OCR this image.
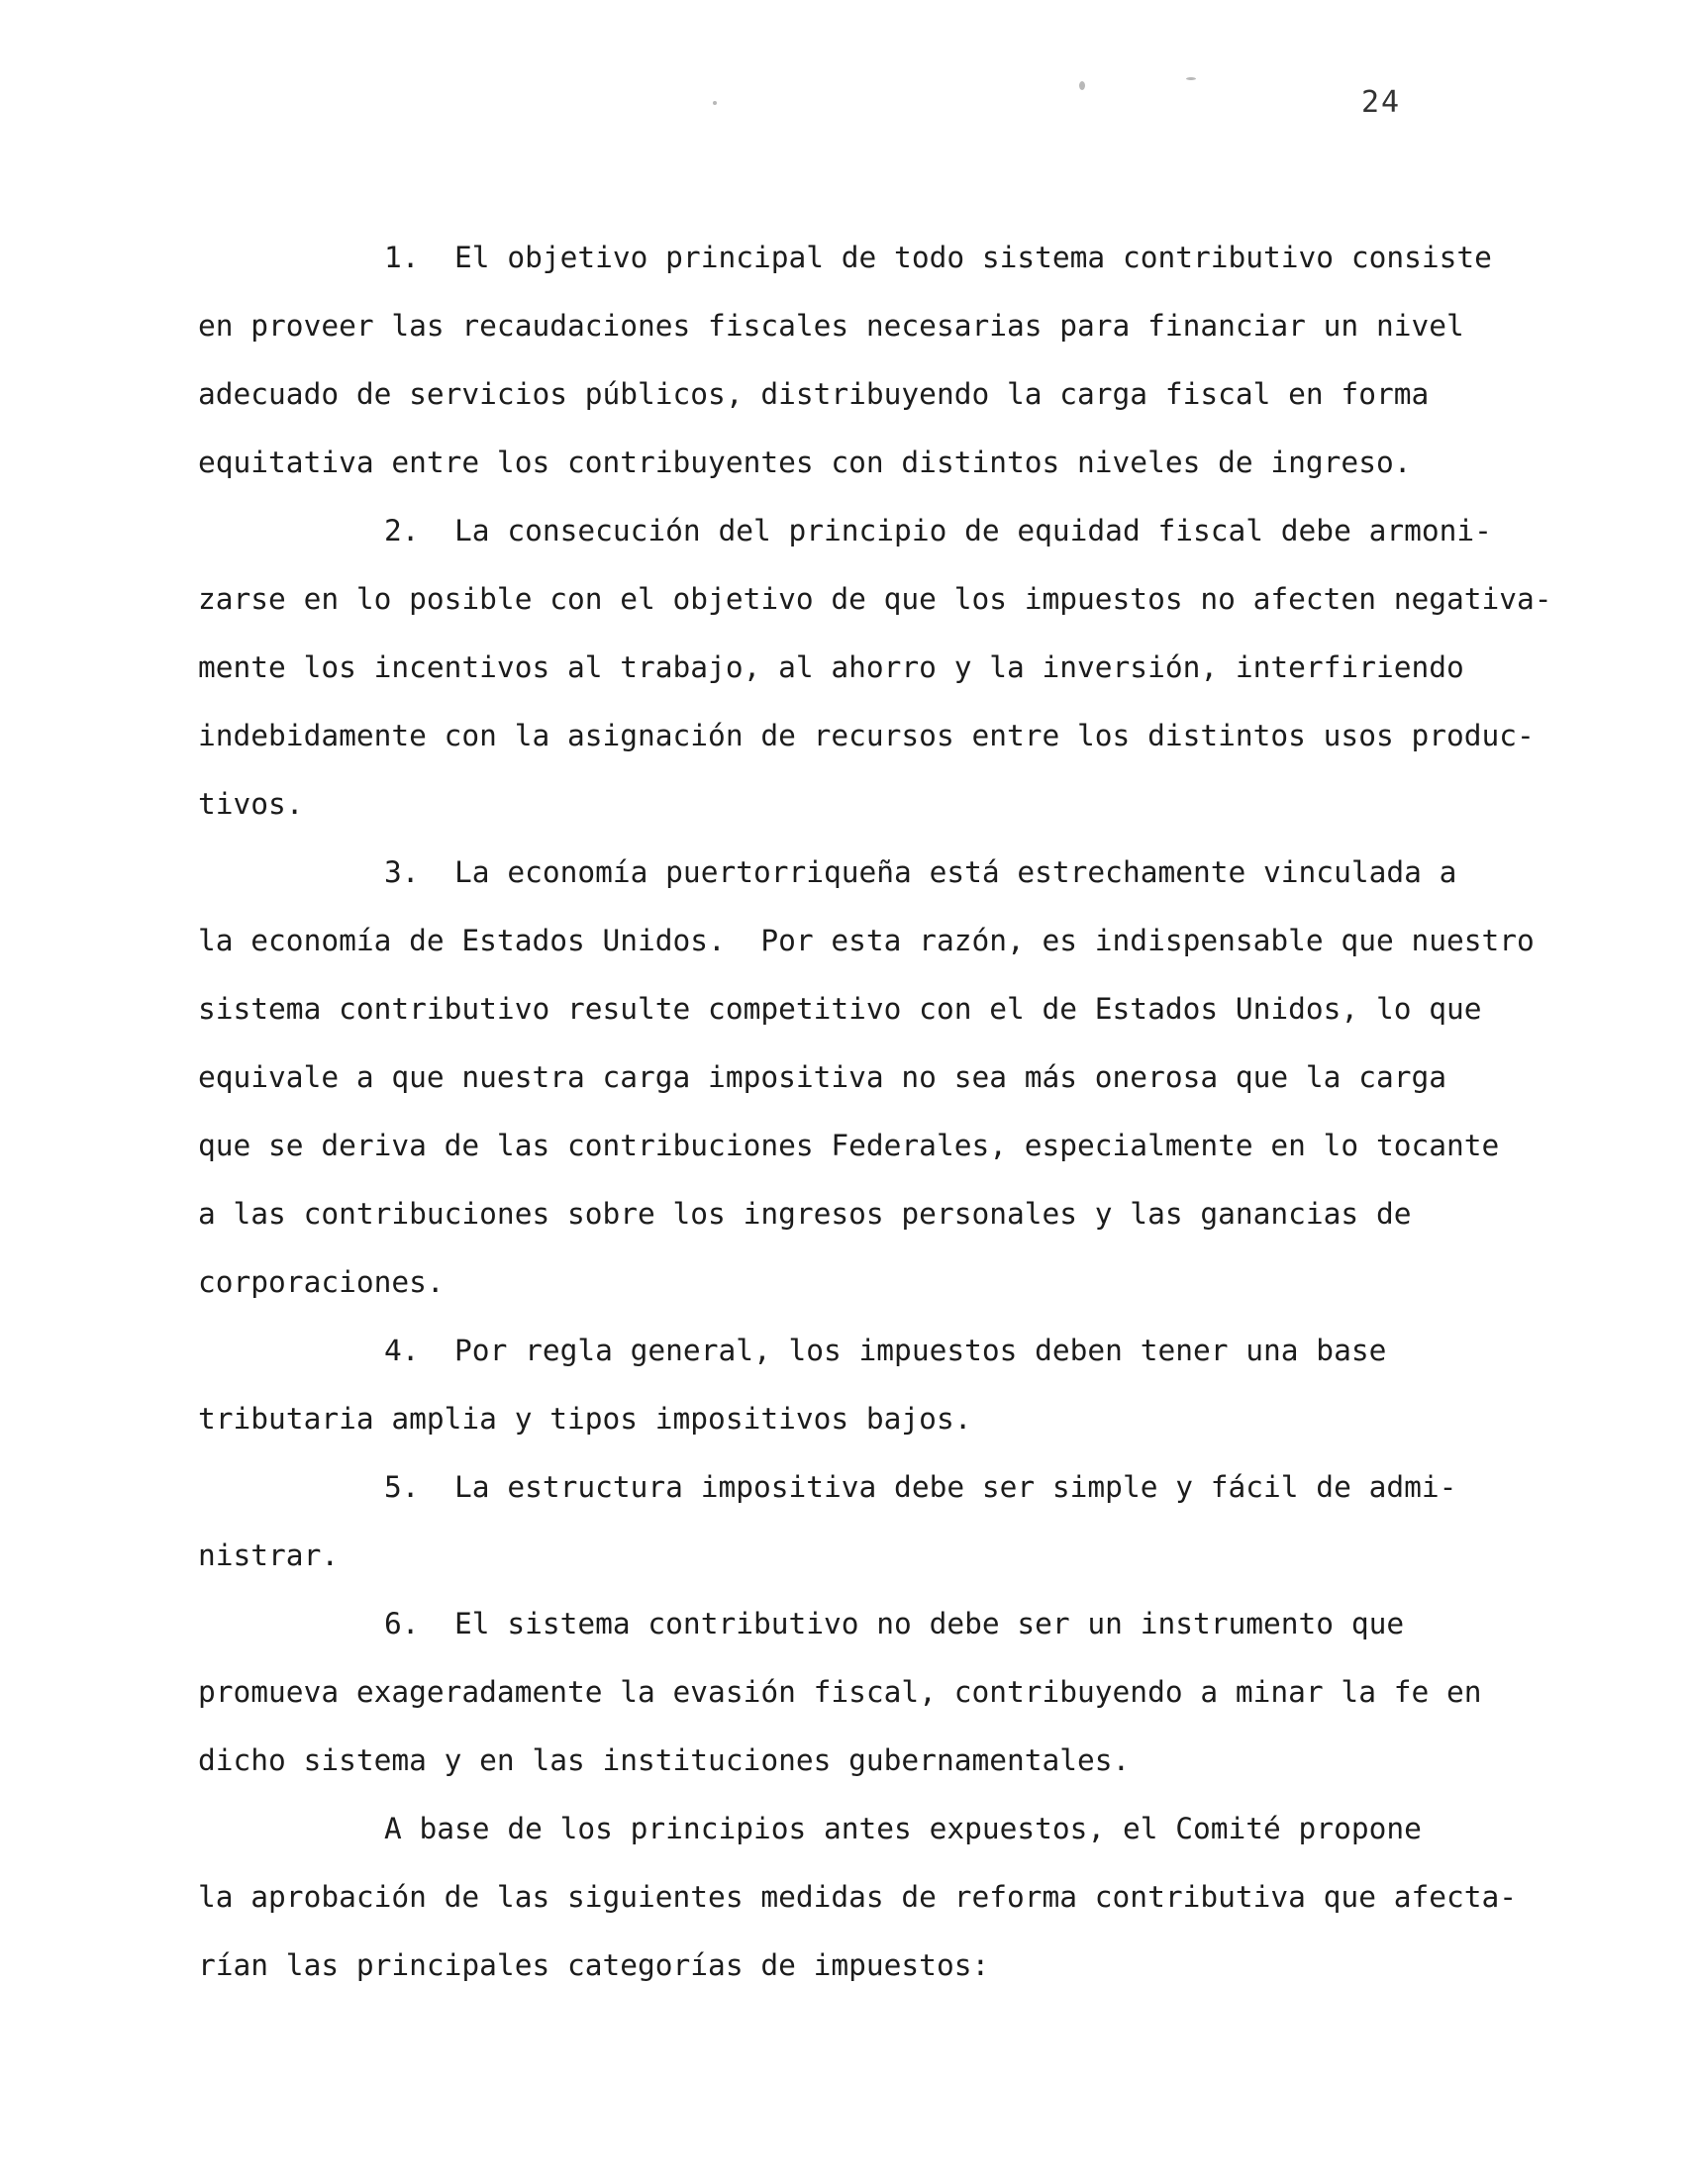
24
1.  El objetivo principal de todo sistema contributivo consiste
en proveer las recaudaciones fiscales necesarias para financiar un nivel
adecuado de servicios públicos, distribuyendo la carga fiscal en forma
equitativa entre los contribuyentes con distintos niveles de ingreso.
2.  La consecución del principio de equidad fiscal debe armoni-
zarse en lo posible con el objetivo de que los impuestos no afecten negativa-
mente los incentivos al trabajo, al ahorro y la inversión, interfiriendo
indebidamente con la asignación de recursos entre los distintos usos produc-
tivos.
3.  La economía puertorriqueña está estrechamente vinculada a
la economía de Estados Unidos.  Por esta razón, es indispensable que nuestro
sistema contributivo resulte competitivo con el de Estados Unidos, lo que
equivale a que nuestra carga impositiva no sea más onerosa que la carga
que se deriva de las contribuciones Federales, especialmente en lo tocante
a las contribuciones sobre los ingresos personales y las ganancias de
corporaciones.
4.  Por regla general, los impuestos deben tener una base
tributaria amplia y tipos impositivos bajos.
5.  La estructura impositiva debe ser simple y fácil de admi-
nistrar.
6.  El sistema contributivo no debe ser un instrumento que
promueva exageradamente la evasión fiscal, contribuyendo a minar la fe en
dicho sistema y en las instituciones gubernamentales.
A base de los principios antes expuestos, el Comité propone
la aprobación de las siguientes medidas de reforma contributiva que afecta-
rían las principales categorías de impuestos:
